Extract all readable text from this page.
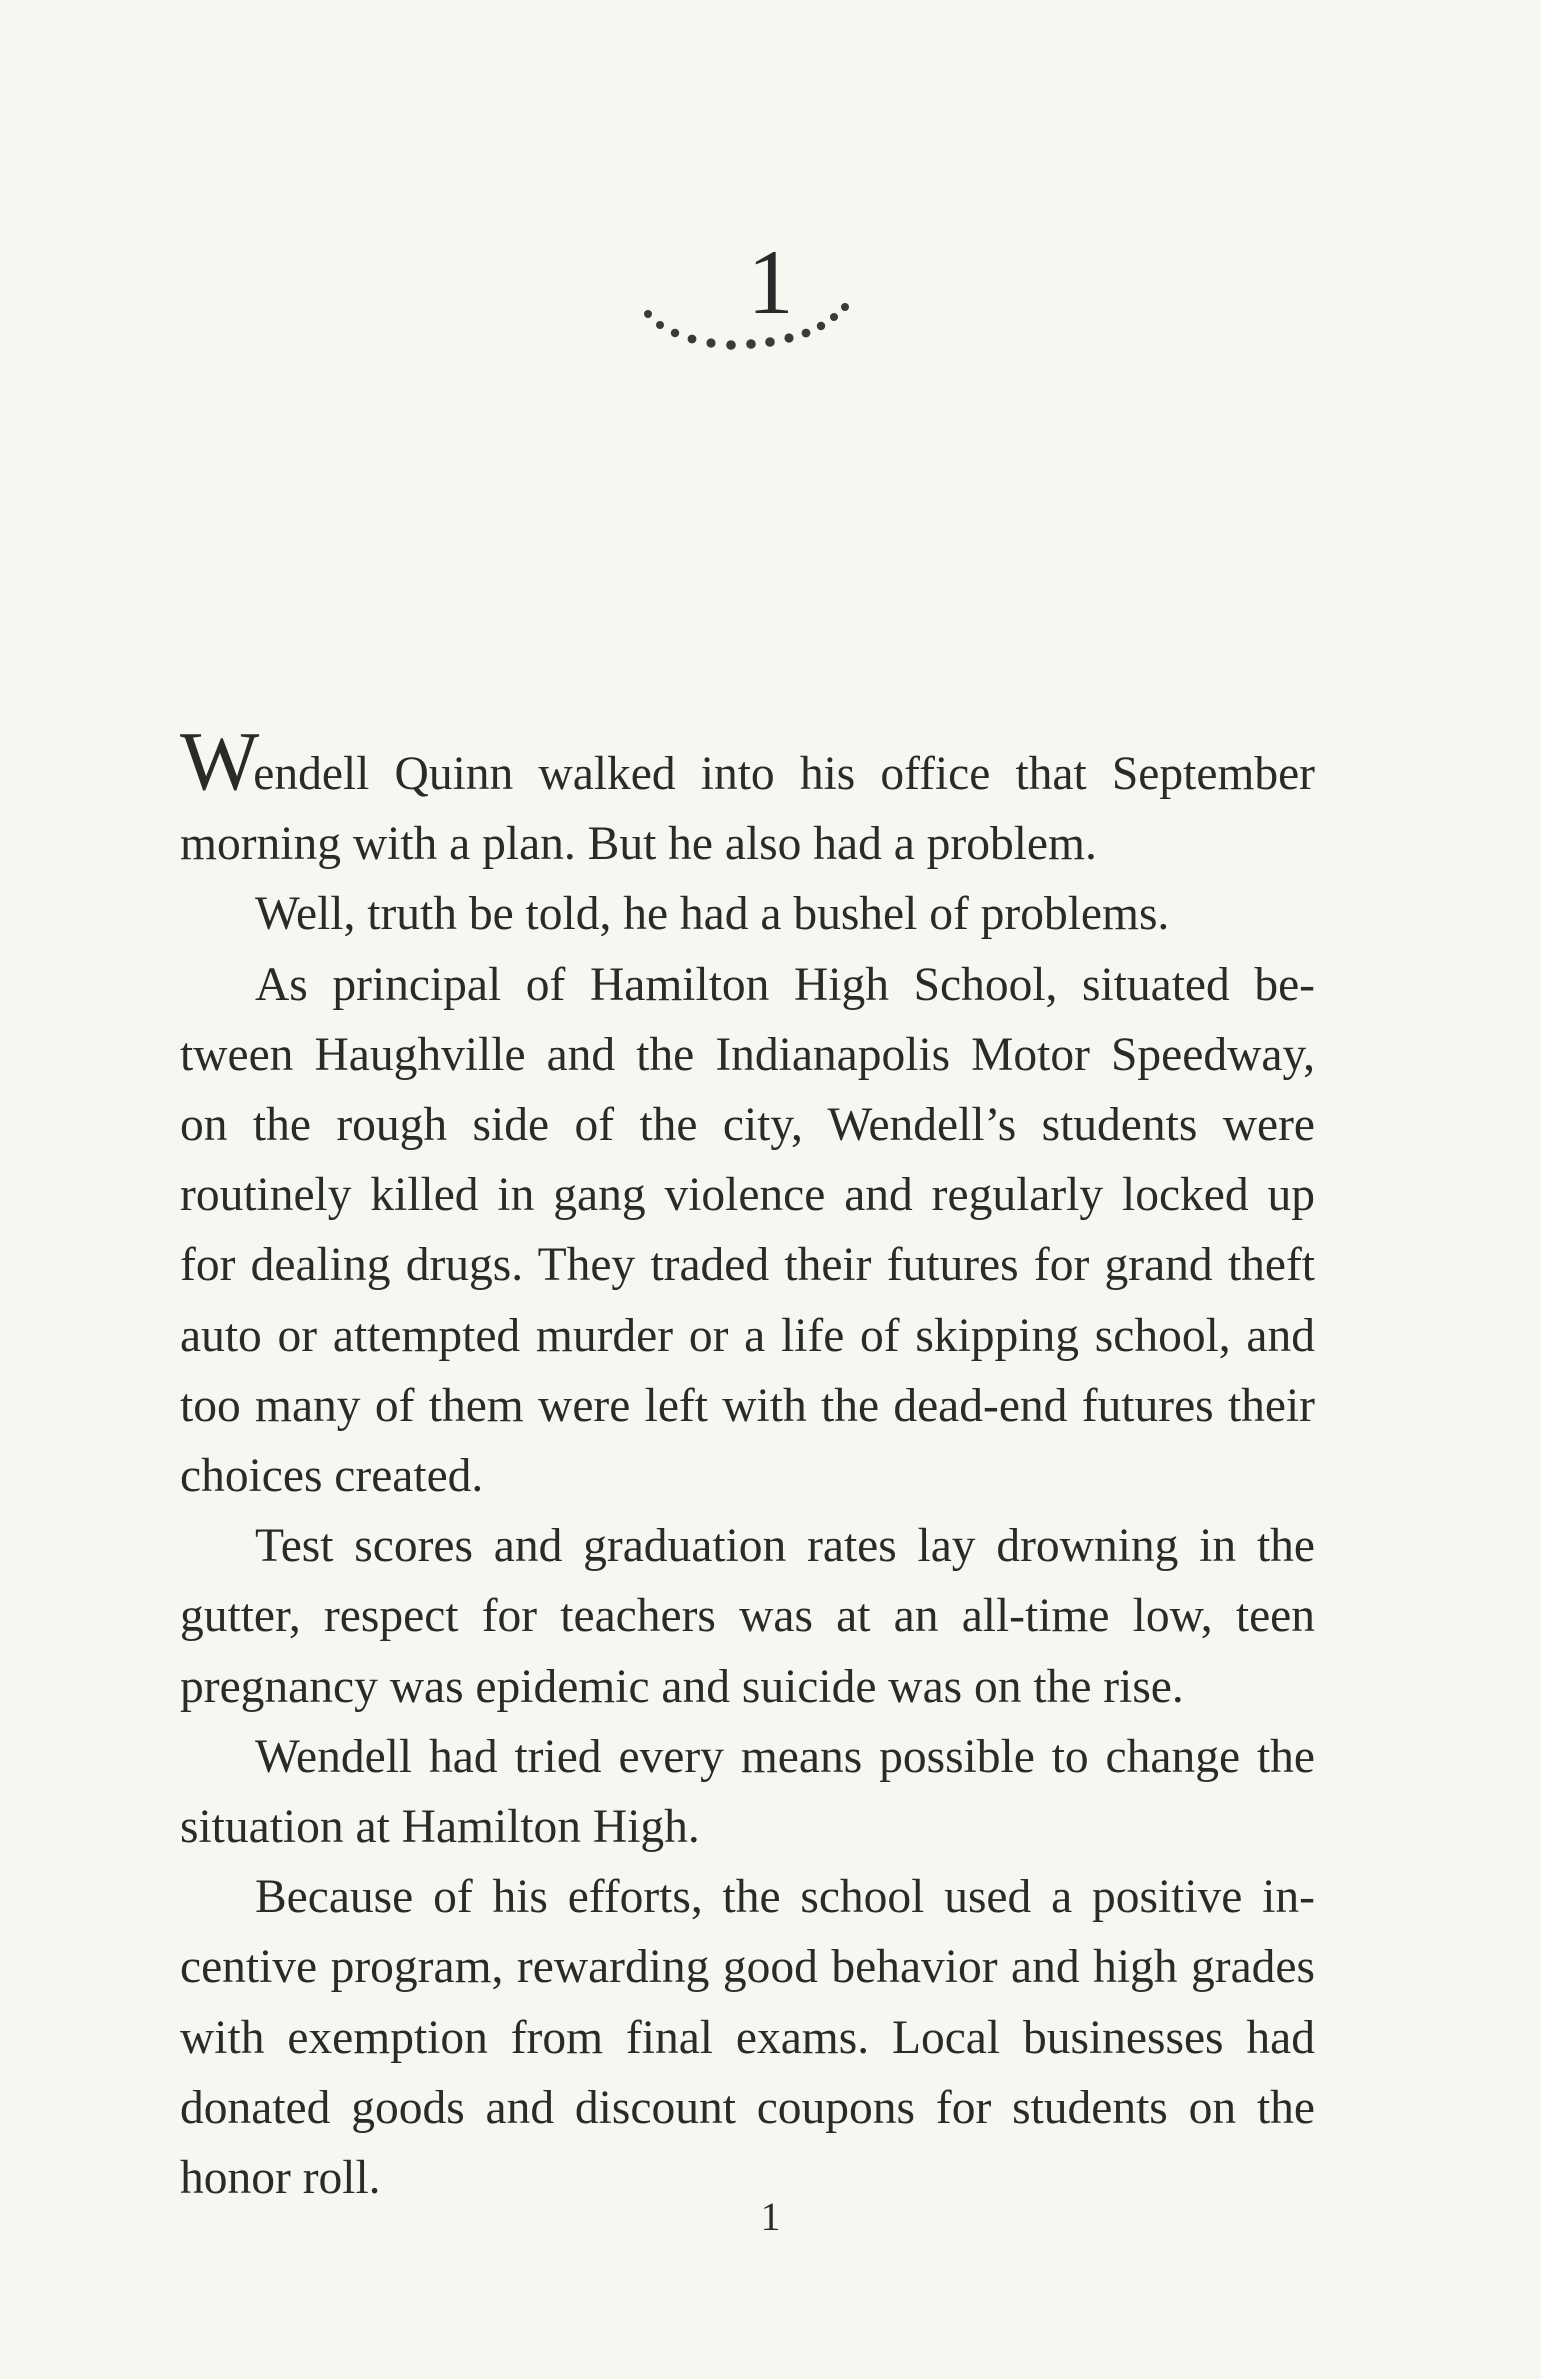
1

Wendell Quinn walked into his office that September morning with a plan. But he also had a problem.

Well, truth be told, he had a bushel of problems.

As principal of Hamilton High School, situated between Haughville and the Indianapolis Motor Speedway, on the rough side of the city, Wendell’s students were routinely killed in gang violence and regularly locked up for dealing drugs. They traded their futures for grand theft auto or attempted murder or a life of skipping school, and too many of them were left with the dead-end futures their choices created.

Test scores and graduation rates lay drowning in the gutter, respect for teachers was at an all-time low, teen pregnancy was epidemic and suicide was on the rise.

Wendell had tried every means possible to change the situation at Hamilton High.

Because of his efforts, the school used a positive incentive program, rewarding good behavior and high grades with exemption from final exams. Local businesses had donated goods and discount coupons for students on the honor roll.

1
